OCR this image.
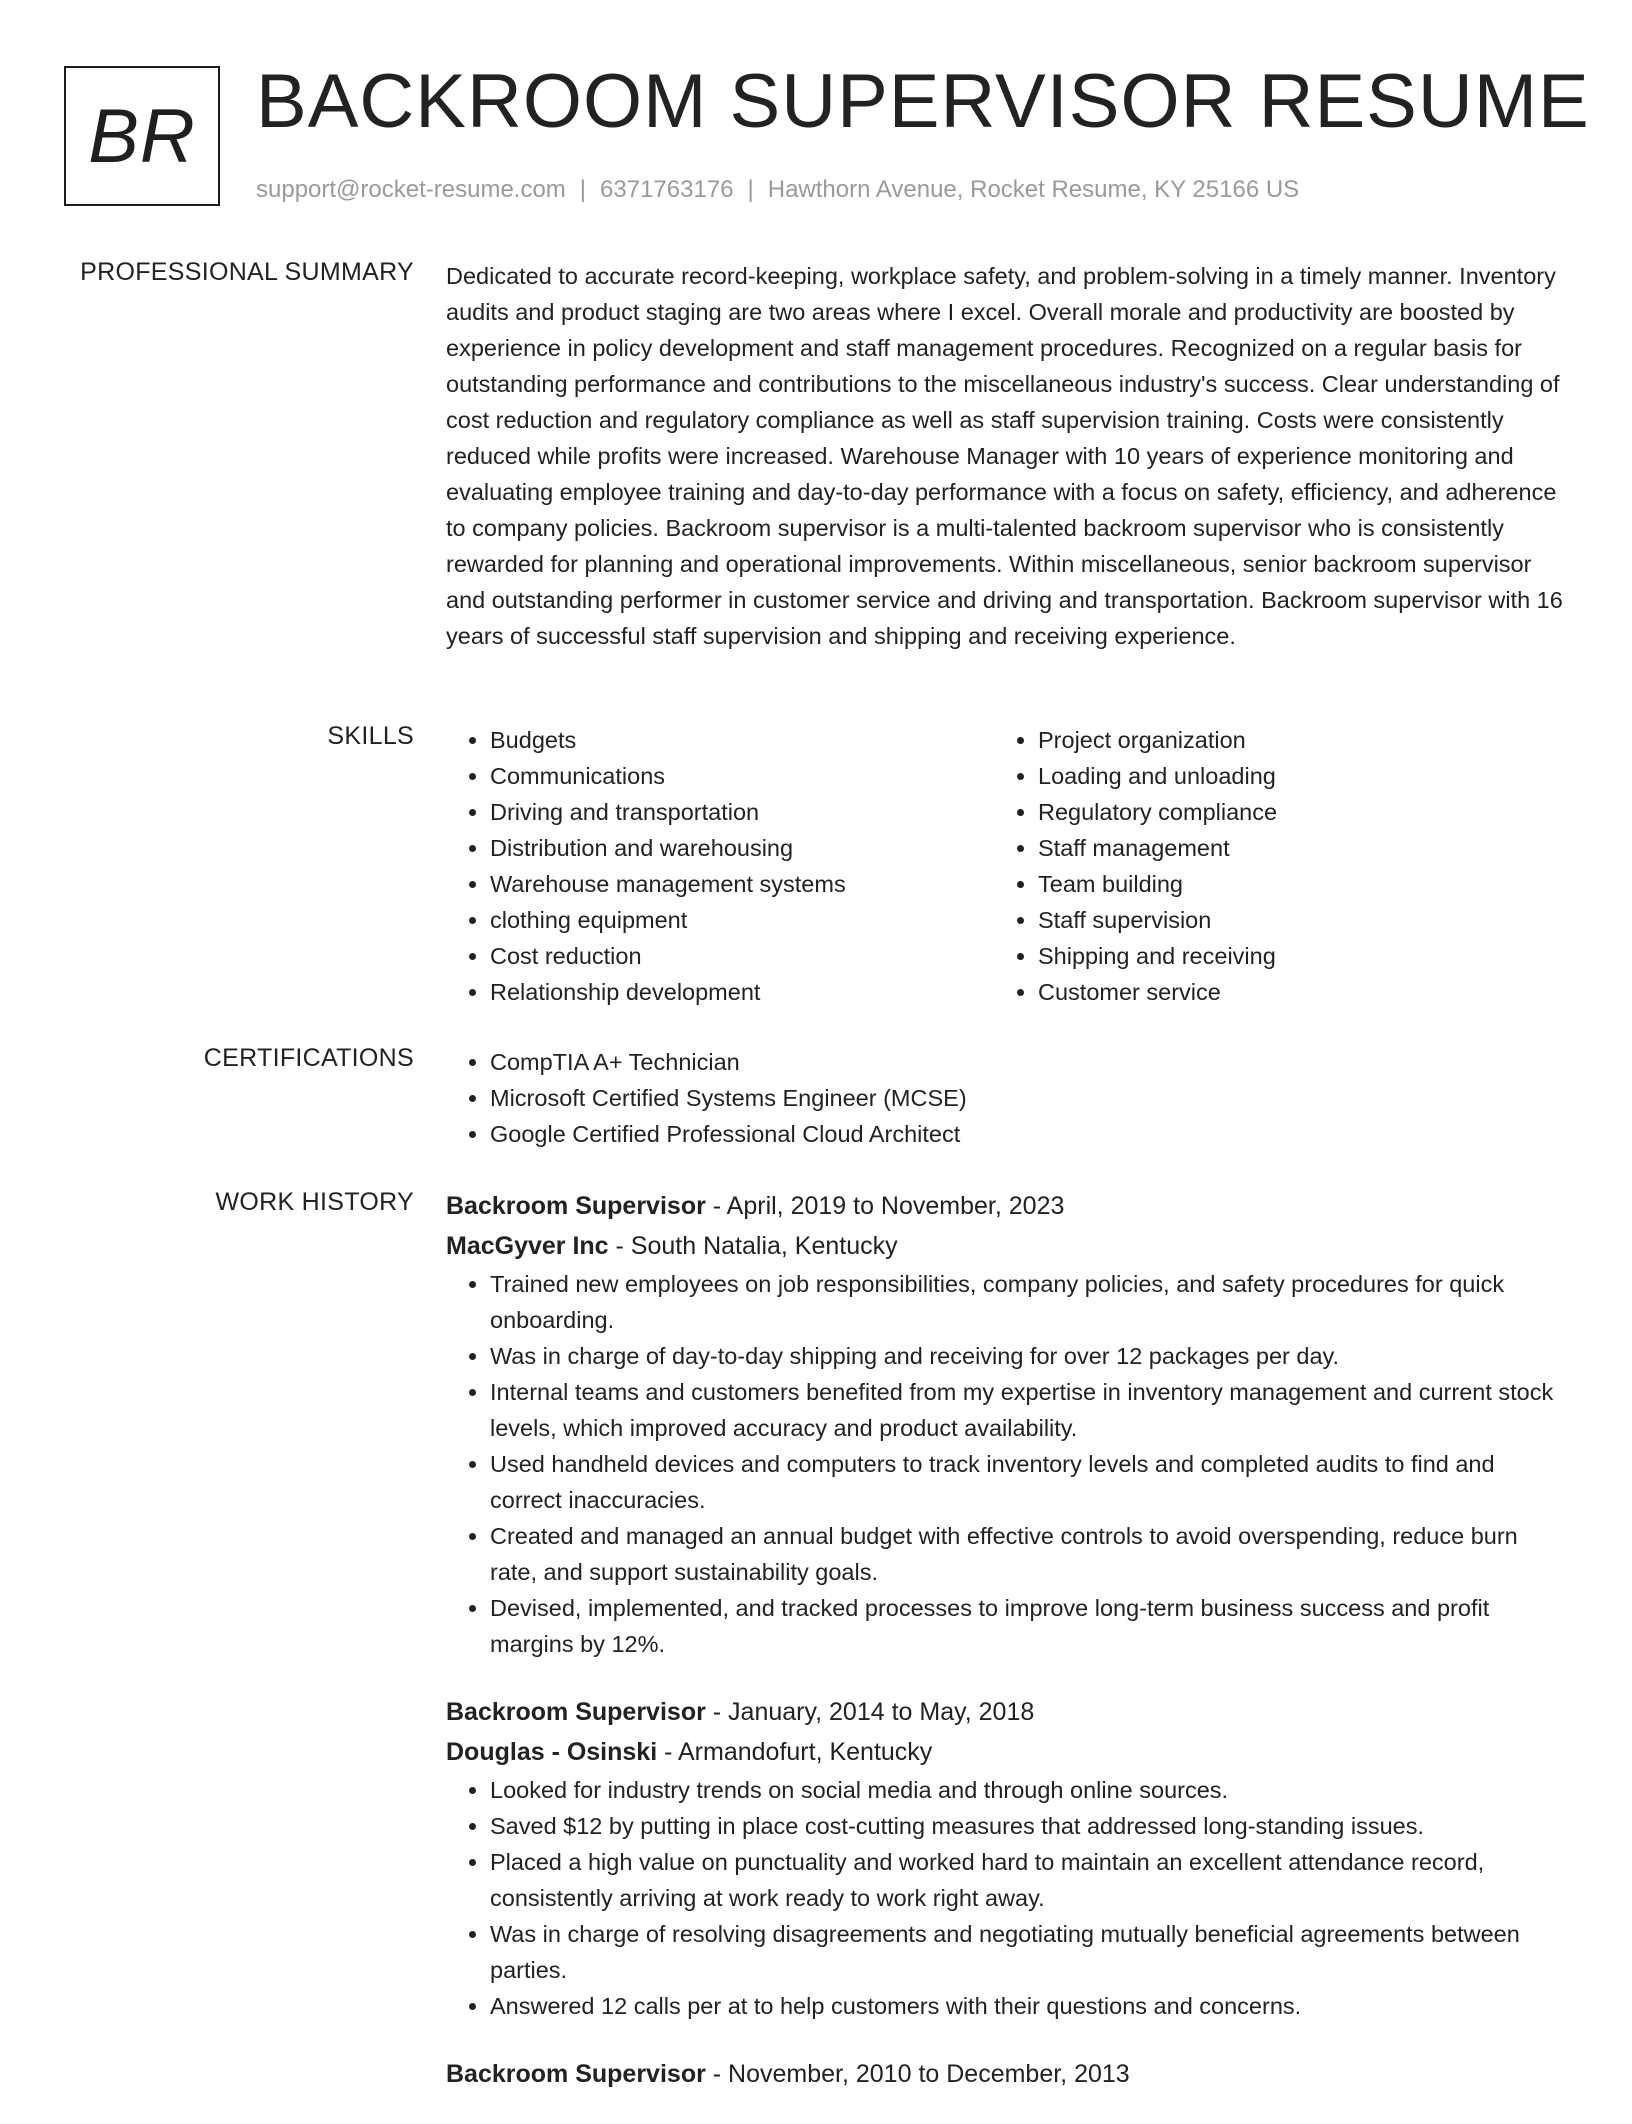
BR BACKROOM SUPERVISOR RESUME
support@rocket-resume.com | 6371763176 | Hawthorn Avenue, Rocket Resume, KY 25166 US
PROFESSIONAL SUMMARY Dedicated to accurate record-keeping, workplace safety, and problem-solving in a timely manner. Inventory audits and product staging are two areas where I excel. Overall morale and productivity are boosted by experience in policy development and staff management procedures. Recognized on a regular basis for outstanding performance and contributions to the miscellaneous industry's success. Clear understanding of cost reduction and regulatory compliance as well as staff supervision training. Costs were consistently reduced while profits were increased. Warehouse Manager with 10 years of experience monitoring and evaluating employee training and day-to-day performance with a focus on safety, efficiency, and adherence to company policies. Backroom supervisor is a multi-talented backroom supervisor who is consistently rewarded for planning and operational improvements. Within miscellaneous, senior backroom supervisor and outstanding performer in customer service and driving and transportation. Backroom supervisor with 16 years of successful staff supervision and shipping and receiving experience.

SKILLS	• Budgets
• Communications
• Driving and transportation
• Distribution and warehousing
• Warehouse management systems
• clothing equipment
• Cost reduction
• Relationship development
• Project organization
• Loading and unloading
• Regulatory compliance
• Staff management
• Team building
• Staff supervision
• Shipping and receiving
• Customer service
CERTIFICATIONS	• CompTIA A+ Technician
• Microsoft Certified Systems Engineer (MCSE)
• Google Certified Professional Cloud Architect
WORK HISTORY Backroom Supervisor - April, 2019 to November, 2023
MacGyver Inc - South Natalia, Kentucky
• Trained new employees on job responsibilities, company policies, and safety procedures for quick onboarding.
• Was in charge of day-to-day shipping and receiving for over 12 packages per day.
• Internal teams and customers benefited from my expertise in inventory management and current stock levels, which improved accuracy and product availability.
• Used handheld devices and computers to track inventory levels and completed audits to find and correct inaccuracies.
• Created and managed an annual budget with effective controls to avoid overspending, reduce burn rate, and support sustainability goals.
• Devised, implemented, and tracked processes to improve long-term business success and profit margins by 12%.
Backroom Supervisor - January, 2014 to May, 2018
Douglas - Osinski - Armandofurt, Kentucky
• Looked for industry trends on social media and through online sources.
• Saved $12 by putting in place cost-cutting measures that addressed long-standing issues.
• Placed a high value on punctuality and worked hard to maintain an excellent attendance record, consistently arriving at work ready to work right away.
• Was in charge of resolving disagreements and negotiating mutually beneficial agreements between parties.
• Answered 12 calls per at to help customers with their questions and concerns.
Backroom Supervisor - November, 2010 to December, 2013
